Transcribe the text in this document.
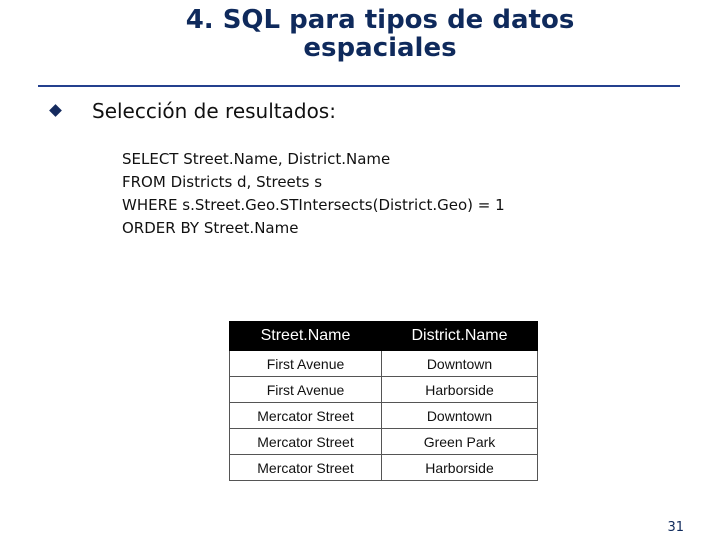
4. SQL para tipos de datos
espaciales
Selección de resultados:
SELECT Street.Name, District.Name
FROM Districts d, Streets s
WHERE s.Street.Geo.STIntersects(District.Geo) = 1
ORDER BY Street.Name
Street.Name	District.Name
First Avenue	Downtown
First Avenue	Harborside
Mercator Street	Downtown
Mercator Street	Green Park
Mercator Street	Harborside
31
